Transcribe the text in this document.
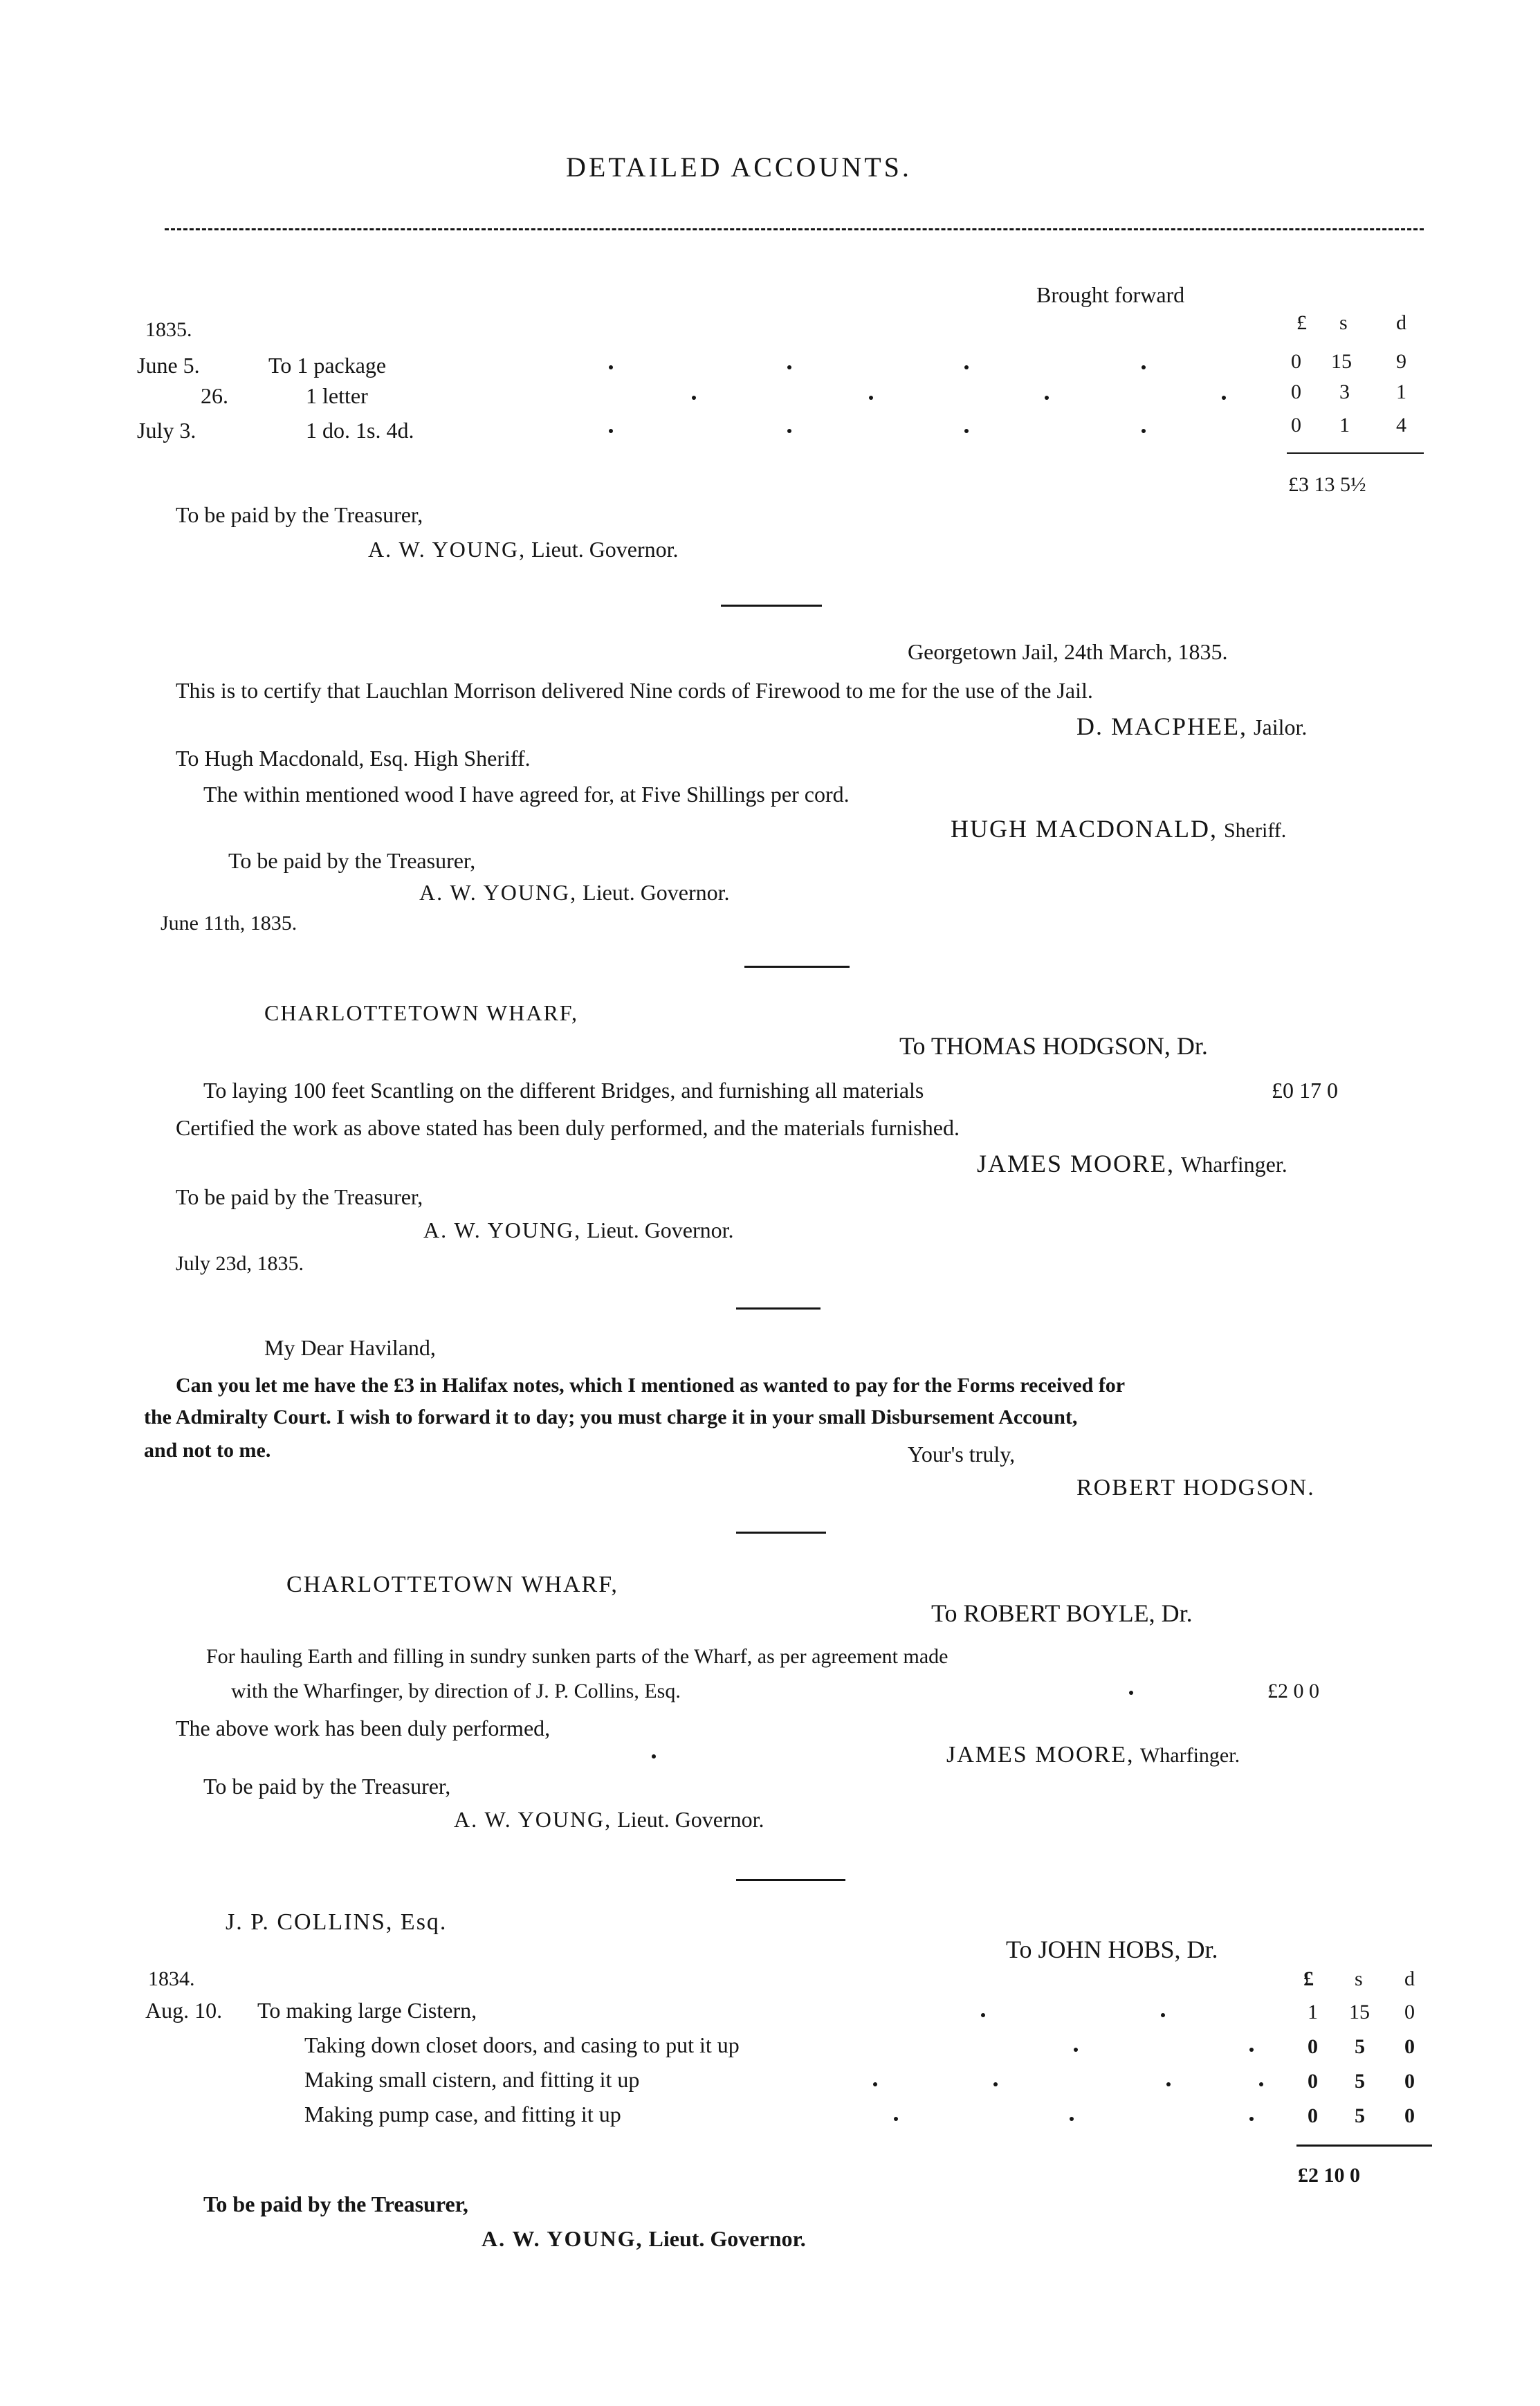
DETAILED ACCOUNTS.
Brought forward
£ s d
1835.
June 5.	To 1 package	0 15 9
26.	1 letter	0 3 1
July 3.	1 do. 1s. 4d.	0 1 4
£3 13 5½
To be paid by the Treasurer,
A. W. YOUNG, Lieut. Governor.
Georgetown Jail, 24th March, 1835.
This is to certify that Lauchlan Morrison delivered Nine cords of Firewood to me for the use of the Jail.
D. MACPHEE, Jailor.
To Hugh Macdonald, Esq. High Sheriff.
The within mentioned wood I have agreed for, at Five Shillings per cord.
HUGH MACDONALD, Sheriff.
To be paid by the Treasurer,
A. W. YOUNG, Lieut. Governor.
June 11th, 1835.
CHARLOTTETOWN WHARF,
To THOMAS HODGSON, Dr.
To laying 100 feet Scantling on the different Bridges, and furnishing all materials	£0 17 0
Certified the work as above stated has been duly performed, and the materials furnished.
JAMES MOORE, Wharfinger.
To be paid by the Treasurer,
A. W. YOUNG, Lieut. Governor.
July 23d, 1835.
My Dear Haviland,
Can you let me have the £3 in Halifax notes, which I mentioned as wanted to pay for the Forms received for
the Admiralty Court. I wish to forward it to day; you must charge it in your small Disbursement Account,
and not to me.	Your's truly,
ROBERT HODGSON.
CHARLOTTETOWN WHARF,
To ROBERT BOYLE, Dr.
For hauling Earth and filling in sundry sunken parts of the Wharf, as per agreement made
with the Wharfinger, by direction of J. P. Collins, Esq.	£2 0 0
The above work has been duly performed,
JAMES MOORE, Wharfinger.
To be paid by the Treasurer,
A. W. YOUNG, Lieut. Governor.
J. P. COLLINS, Esq.
To JOHN HOBS, Dr.
1834.	£ s d
Aug. 10. To making large Cistern,	1 15 0
Taking down closet doors, and casing to put it up	0 5 0
Making small cistern, and fitting it up	0 5 0
Making pump case, and fitting it up	0 5 0
£2 10 0
To be paid by the Treasurer,
A. W. YOUNG, Lieut. Governor.
